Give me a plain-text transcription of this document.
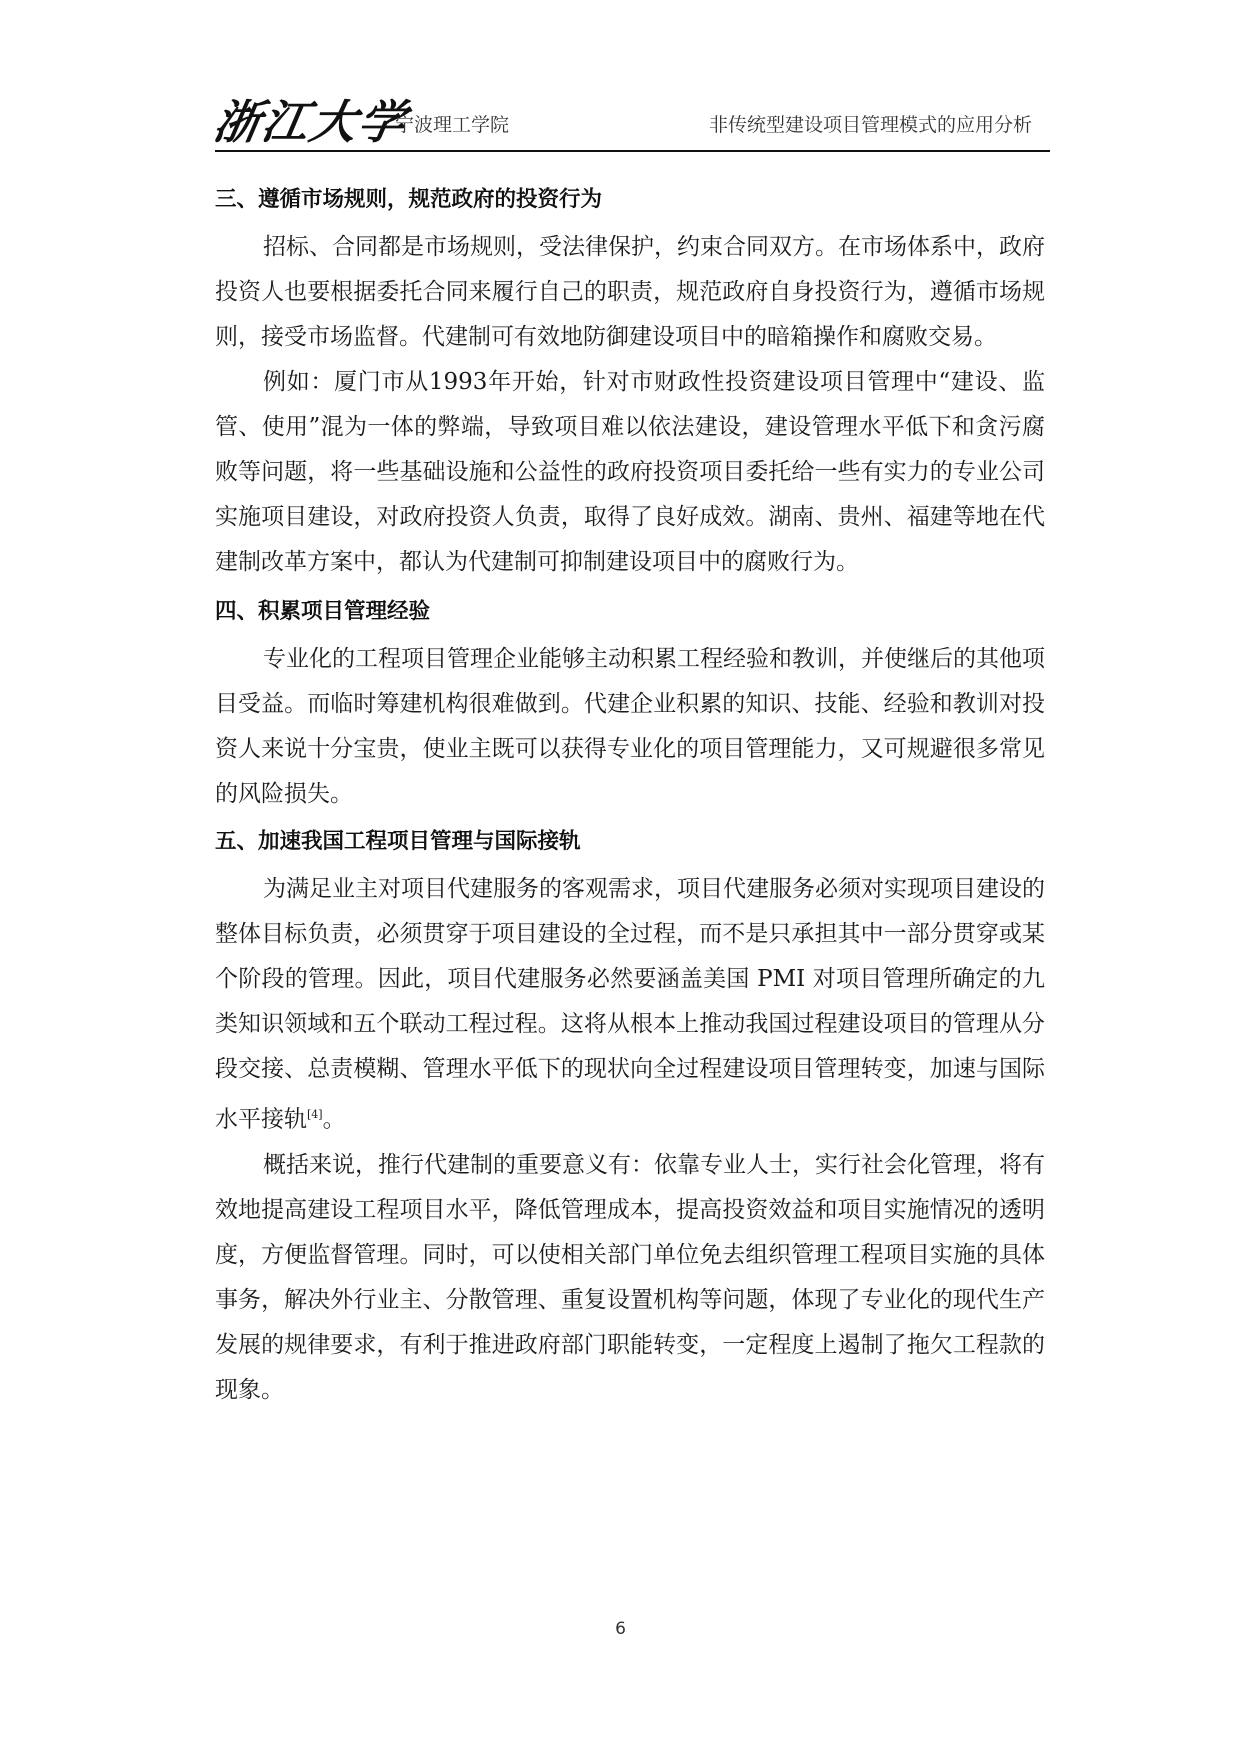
浙江大学
宁波理工学院	非传统型建设项目管理模式的应用分析
三、遵循市场规则，规范政府的投资行为

招标、合同都是市场规则，受法律保护，约束合同双方。在市场体系中，政府投资人也要根据委托合同来履行自己的职责，规范政府自身投资行为，遵循市场规则，接受市场监督。代建制可有效地防御建设项目中的暗箱操作和腐败交易。

例如：厦门市从1993年开始，针对市财政性投资建设项目管理中“建设、监管、使用”混为一体的弊端，导致项目难以依法建设，建设管理水平低下和贪污腐败等问题，将一些基础设施和公益性的政府投资项目委托给一些有实力的专业公司实施项目建设，对政府投资人负责，取得了良好成效。湖南、贵州、福建等地在代建制改革方案中，都认为代建制可抑制建设项目中的腐败行为。

四、积累项目管理经验

专业化的工程项目管理企业能够主动积累工程经验和教训，并使继后的其他项目受益。而临时筹建机构很难做到。代建企业积累的知识、技能、经验和教训对投资人来说十分宝贵，使业主既可以获得专业化的项目管理能力，又可规避很多常见的风险损失。

五、加速我国工程项目管理与国际接轨

为满足业主对项目代建服务的客观需求，项目代建服务必须对实现项目建设的整体目标负责，必须贯穿于项目建设的全过程，而不是只承担其中一部分贯穿或某个阶段的管理。因此，项目代建服务必然要涵盖美国 PMI 对项目管理所确定的九类知识领域和五个联动工程过程。这将从根本上推动我国过程建设项目的管理从分段交接、总责模糊、管理水平低下的现状向全过程建设项目管理转变，加速与国际水平接轨[4]。

概括来说，推行代建制的重要意义有：依靠专业人士，实行社会化管理，将有效地提高建设工程项目水平，降低管理成本，提高投资效益和项目实施情况的透明度，方便监督管理。同时，可以使相关部门单位免去组织管理工程项目实施的具体事务，解决外行业主、分散管理、重复设置机构等问题，体现了专业化的现代生产发展的规律要求，有利于推进政府部门职能转变，一定程度上遏制了拖欠工程款的现象。

6
